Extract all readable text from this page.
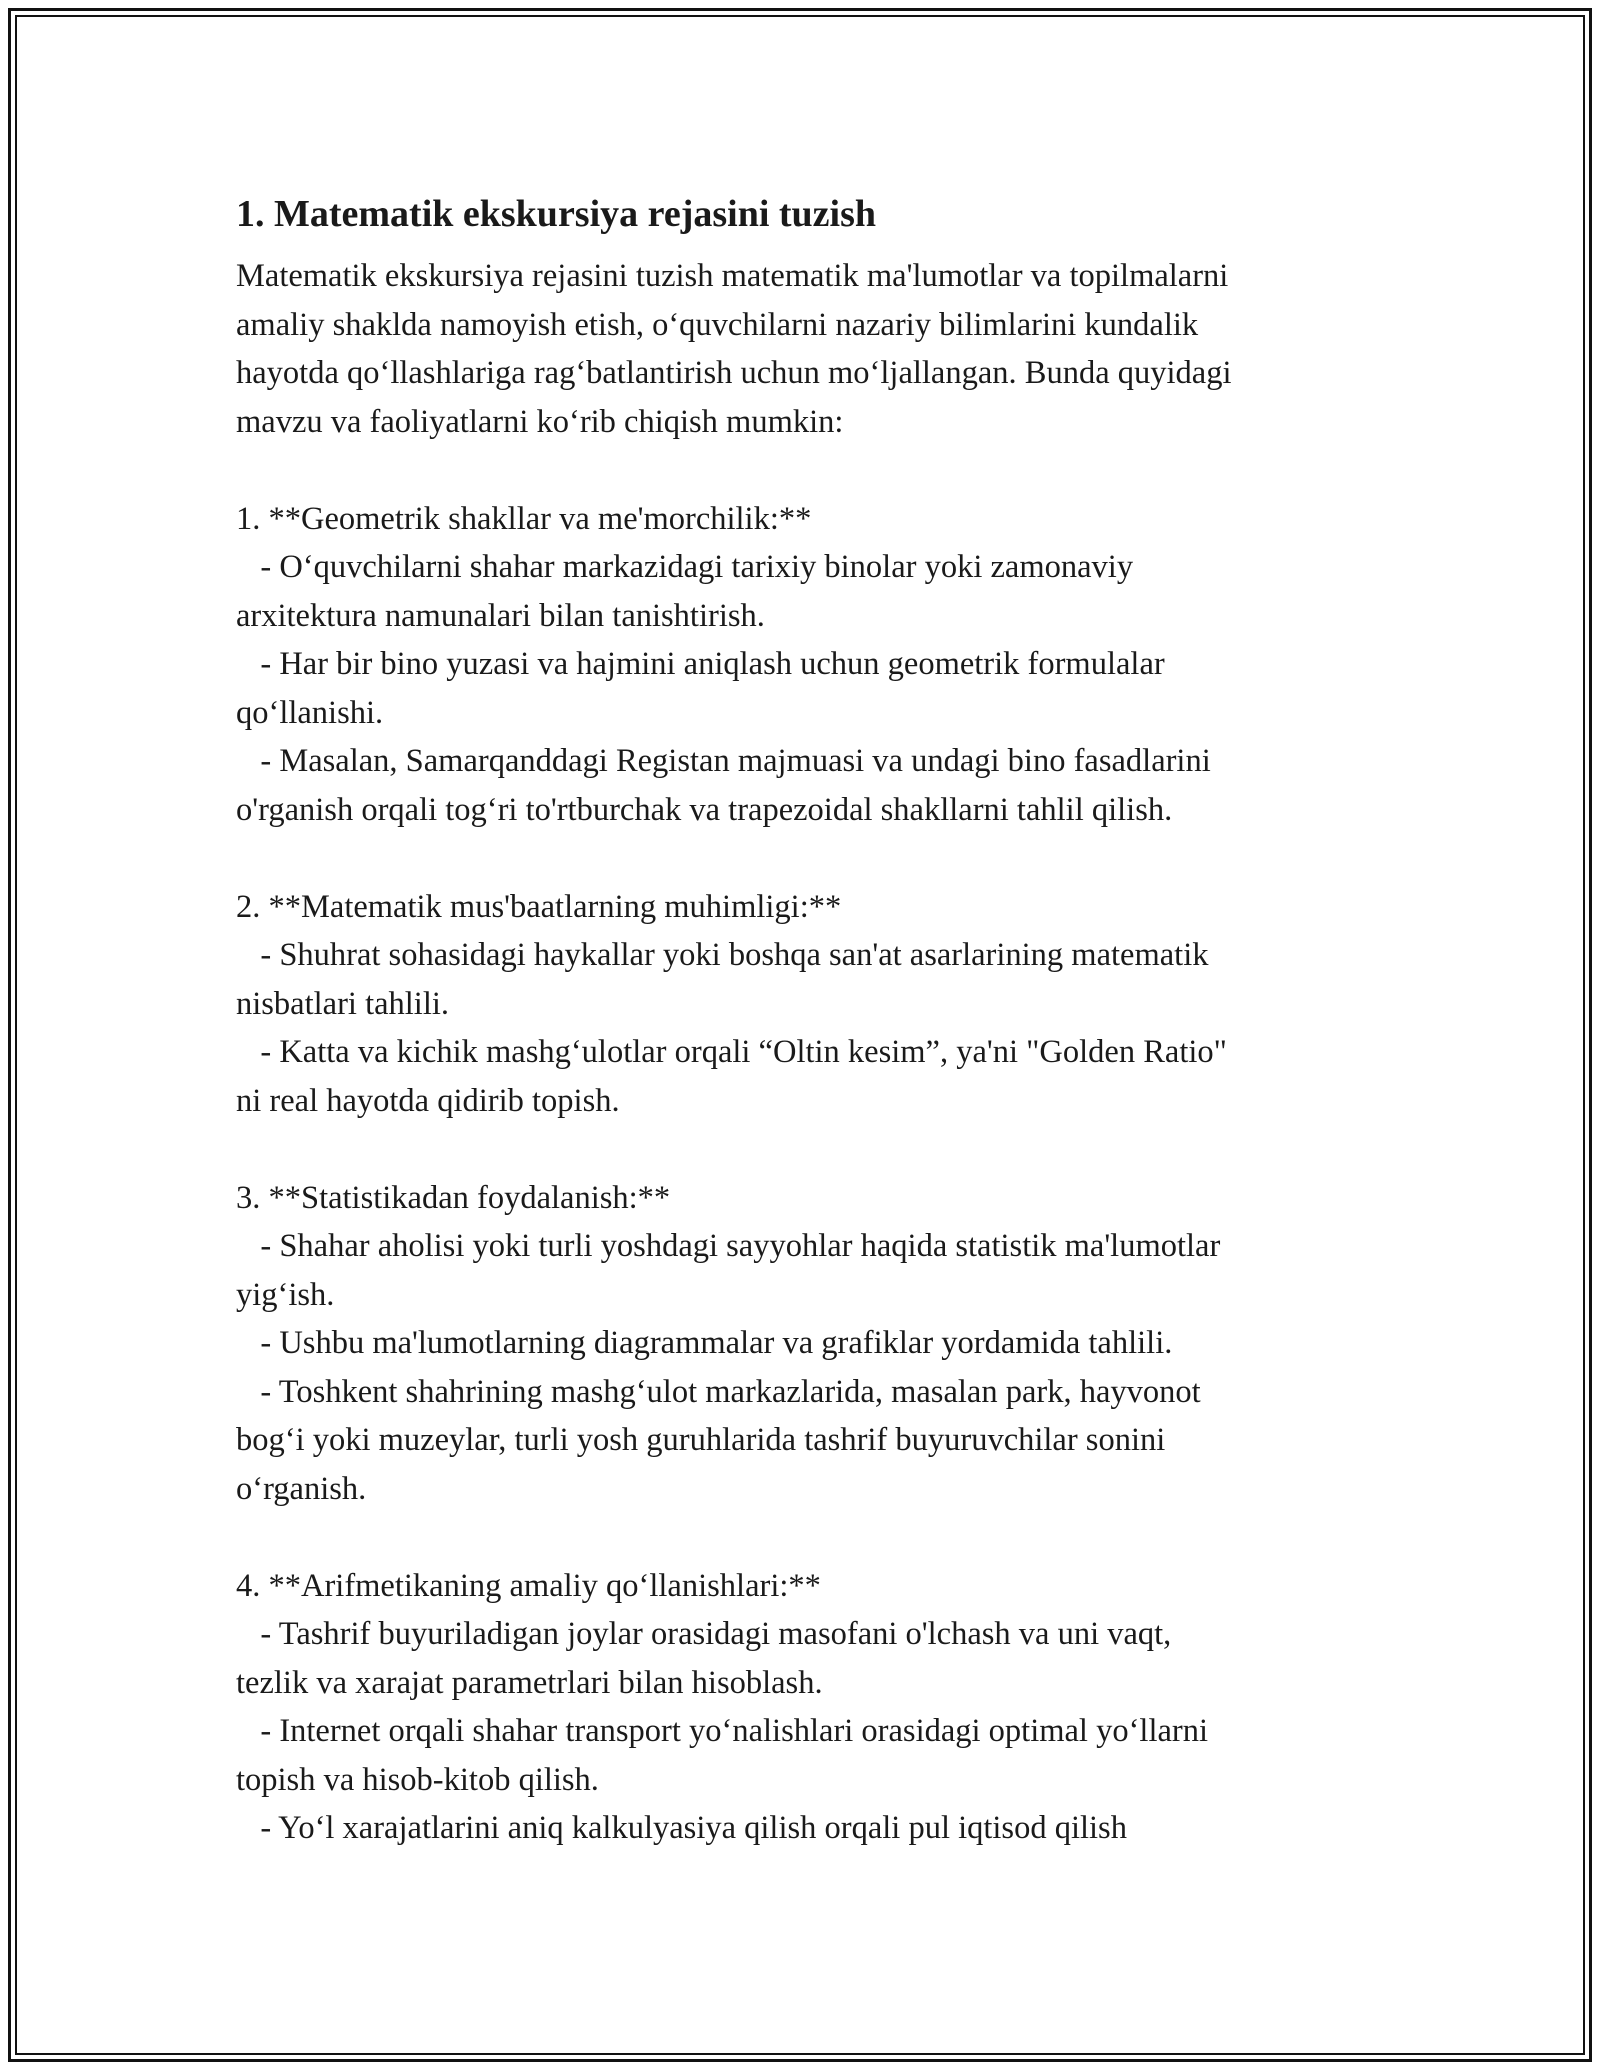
1. Matematik ekskursiya rejasini tuzish
Matematik ekskursiya rejasini tuzish matematik ma'lumotlar va topilmalarni
amaliy shaklda namoyish etish, o‘quvchilarni nazariy bilimlarini kundalik
hayotda qo‘llashlariga rag‘batlantirish uchun mo‘ljallangan. Bunda quyidagi
mavzu va faoliyatlarni ko‘rib chiqish mumkin:
1. **Geometrik shakllar va me'morchilik:**
- O‘quvchilarni shahar markazidagi tarixiy binolar yoki zamonaviy
arxitektura namunalari bilan tanishtirish.
- Har bir bino yuzasi va hajmini aniqlash uchun geometrik formulalar
qo‘llanishi.
- Masalan, Samarqanddagi Registan majmuasi va undagi bino fasadlarini
o'rganish orqali tog‘ri to'rtburchak va trapezoidal shakllarni tahlil qilish.
2. **Matematik mus'baatlarning muhimligi:**
- Shuhrat sohasidagi haykallar yoki boshqa san'at asarlarining matematik
nisbatlari tahlili.
- Katta va kichik mashg‘ulotlar orqali “Oltin kesim”, ya'ni "Golden Ratio"
ni real hayotda qidirib topish.
3. **Statistikadan foydalanish:**
- Shahar aholisi yoki turli yoshdagi sayyohlar haqida statistik ma'lumotlar
yig‘ish.
- Ushbu ma'lumotlarning diagrammalar va grafiklar yordamida tahlili.
- Toshkent shahrining mashg‘ulot markazlarida, masalan park, hayvonot
bog‘i yoki muzeylar, turli yosh guruhlarida tashrif buyuruvchilar sonini
o‘rganish.
4. **Arifmetikaning amaliy qo‘llanishlari:**
- Tashrif buyuriladigan joylar orasidagi masofani o'lchash va uni vaqt,
tezlik va xarajat parametrlari bilan hisoblash.
- Internet orqali shahar transport yo‘nalishlari orasidagi optimal yo‘llarni
topish va hisob-kitob qilish.
- Yo‘l xarajatlarini aniq kalkulyasiya qilish orqali pul iqtisod qilish
